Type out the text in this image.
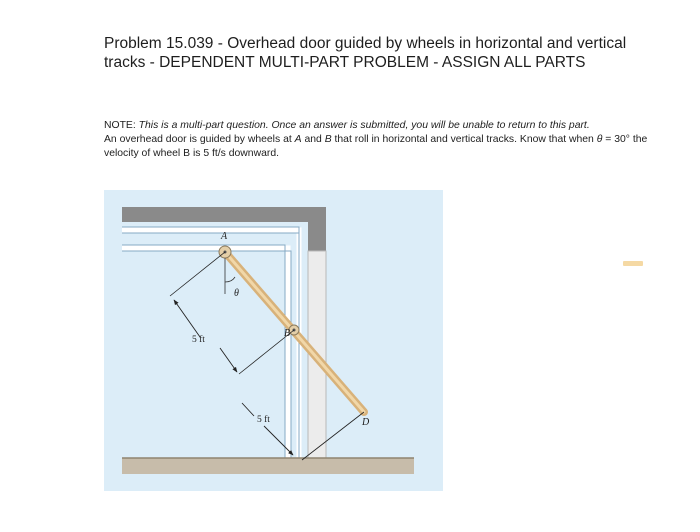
Problem 15.039 - Overhead door guided by wheels in horizontal and vertical tracks - DEPENDENT MULTI-PART PROBLEM - ASSIGN ALL PARTS
NOTE: This is a multi-part question. Once an answer is submitted, you will be unable to return to this part.
An overhead door is guided by wheels at A and B that roll in horizontal and vertical tracks. Know that when θ = 30° the velocity of wheel B is 5 ft/s downward.
A
B
D
θ
5 ft
5 ft
